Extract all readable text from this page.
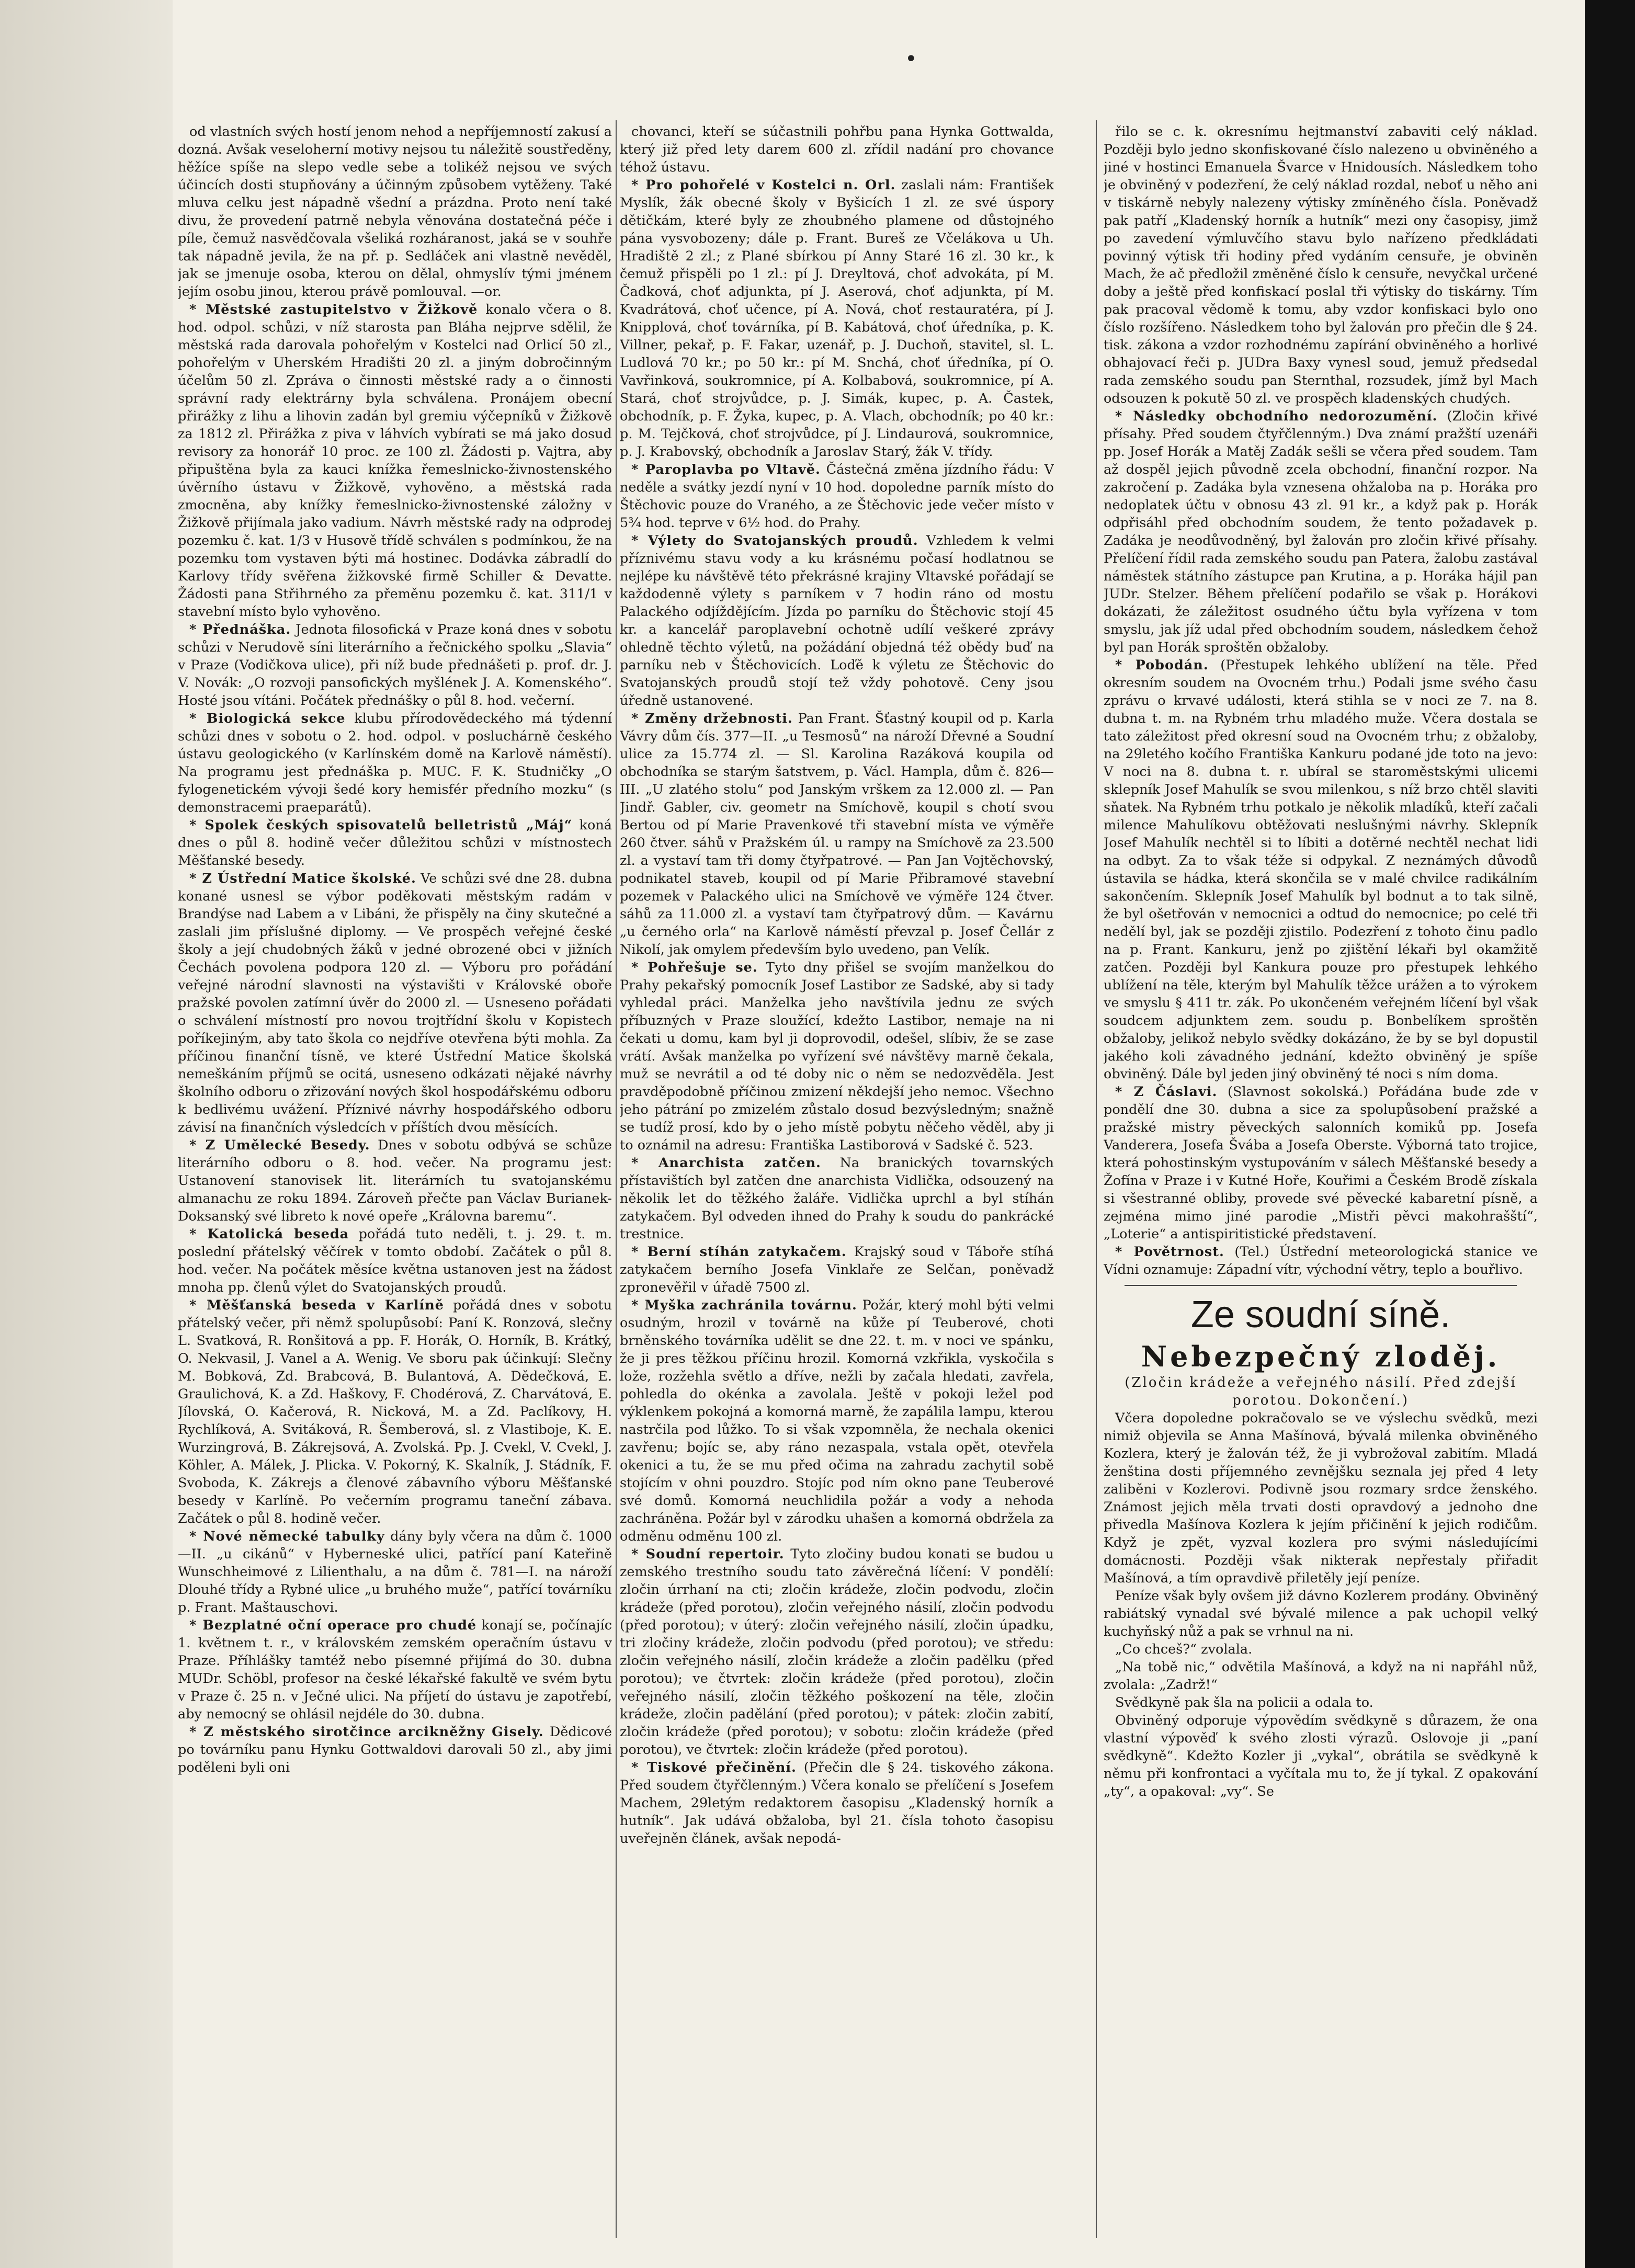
•

od vlastních svých hostí jenom nehod a nepříjemností zakusí a dozná. Avšak veseloherní motivy nejsou tu náležitě soustředěny, hěžíce spíše na slepo vedle sebe a tolikéž nejsou ve svých účincích dosti stupňovány a účinným způsobem vytěženy. Také mluva celku jest nápadně všední a prázdna. Proto není také divu, že provedení patrně nebyla věnována dostatečná péče i píle, čemuž nasvědčovala všeliká rozháranost, jaká se v souhře tak nápadně jevila, že na př. p. Sedláček ani vlastně nevěděl, jak se jmenuje osoba, kterou on dělal, ohmyslív tými jménem jejím osobu jinou, kterou právě pomlouval. —or.

* Městské zastupitelstvo v Žižkově konalo včera o 8. hod. odpol. schůzi, v níž starosta pan Bláha nejprve sdělil, že městská rada darovala pohořelým v Kostelci nad Orlicí 50 zl., pohořelým v Uherském Hradišti 20 zl. a jiným dobročinným účelům 50 zl. Zpráva o činnosti městské rady a o činnosti správní rady elektrárny byla schválena. Pronájem obecní přirážky z lihu a lihovin zadán byl gremiu výčepníků v Žižkově za 1812 zl. Přirážka z piva v láhvích vybírati se má jako dosud revisory za honorář 10 proc. ze 100 zl. Žádosti p. Vajtra, aby připuštěna byla za kauci knížka řemeslnicko-živnostenského úvěrního ústavu v Žižkově, vyhověno, a městská rada zmocněna, aby knížky řemeslnicko-živnostenské záložny v Žižkově přijímala jako vadium. Návrh městské rady na odprodej pozemku č. kat. 1/3 v Husově třídě schválen s podmínkou, že na pozemku tom vystaven býti má hostinec. Dodávka zábradlí do Karlovy třídy svěřena žižkovské firmě Schiller & Devatte. Žádosti pana Střihrného za přeměnu pozemku č. kat. 311/1 v stavební místo bylo vyhověno.

* Přednáška. Jednota filosofická v Praze koná dnes v sobotu schůzi v Nerudově síni literárního a řečnického spolku „Slavia“ v Praze (Vodičkova ulice), při níž bude přednášeti p. prof. dr. J. V. Novák: „O rozvoji pansofických myšlének J. A. Komenského“. Hosté jsou vítáni. Počátek přednášky o půl 8. hod. večerní.

* Biologická sekce klubu přírodovědeckého má týdenní schůzi dnes v sobotu o 2. hod. odpol. v posluchárně českého ústavu geologického (v Karlínském domě na Karlově náměstí). Na programu jest přednáška p. MUC. F. K. Studničky „O fylogenetickém vývoji šedé kory hemisfér předního mozku“ (s demonstracemi praeparátů).

* Spolek českých spisovatelů belletristů „Máj“ koná dnes o půl 8. hodině večer důležitou schůzi v místnostech Měšťanské besedy.

* Z Ústřední Matice školské. Ve schůzi své dne 28. dubna konané usnesl se výbor poděkovati městským radám v Brandýse nad Labem a v Libáni, že přispěly na činy skutečné a zaslali jim příslušné diplomy. — Ve prospěch veřejné české školy a její chudobných žáků v jedné obrozené obci v jižních Čechách povolena podpora 120 zl. — Výboru pro pořádání veřejné národní slavnosti na výstavišti v Královské oboře pražské povolen zatímní úvěr do 2000 zl. — Usneseno pořádati o schválení místností pro novou trojtřídní školu v Kopistech poříkejiným, aby tato škola co nejdříve otevřena býti mohla. Za příčinou finanční tísně, ve které Ústřední Matice školská nemeškáním příjmů se ocitá, usneseno odkázati nějaké návrhy školního odboru o zřizování nových škol hospodářskému odboru k bedlivému uvážení. Příznivé návrhy hospodářského odboru závisí na finančních výsledcích v příštích dvou měsících.

* Z Umělecké Besedy. Dnes v sobotu odbývá se schůze literárního odboru o 8. hod. večer. Na programu jest: Ustanovení stanovisek lit. literárních tu svatojanskému almanachu ze roku 1894. Zároveň přečte pan Václav Burianek-Doksanský své libreto k nové opeře „Královna baremu“.

* Katolická beseda pořádá tuto neděli, t. j. 29. t. m. poslední přátelský věčírek v tomto období. Začátek o půl 8. hod. večer. Na počátek měsíce května ustanoven jest na žádost mnoha pp. členů výlet do Svatojanských proudů.

* Měšťanská beseda v Karlíně pořádá dnes v sobotu přátelský večer, při němž spolupůsobí: Paní K. Ronzová, slečny L. Svatková, R. Ronšitová a pp. F. Horák, O. Horník, B. Krátký, O. Nekvasil, J. Vanel a A. Wenig. Ve sboru pak účinkují: Slečny M. Bobková, Zd. Brabcová, B. Bulantová, A. Dědečková, E. Graulichová, K. a Zd. Haškovy, F. Chodérová, Z. Charvátová, E. Jílovská, O. Kačerová, R. Nicková, M. a Zd. Paclíkovy, H. Rychlíková, A. Svitáková, R. Šemberová, sl. z Vlastiboje, K. E. Wurzingrová, B. Zákrejsová, A. Zvolská. Pp. J. Cvekl, V. Cvekl, J. Köhler, A. Málek, J. Plicka. V. Pokorný, K. Skalník, J. Stádník, F. Svoboda, K. Zákrejs a členové zábavního výboru Měšťanské besedy v Karlíně. Po večerním programu taneční zábava. Začátek o půl 8. hodině večer.

* Nové německé tabulky dány byly včera na dům č. 1000—II. „u cikánů“ v Hyberneské ulici, patřící paní Kateřině Wunschheimové z Lilienthalu, a na dům č. 781—I. na nároží Dlouhé třídy a Rybné ulice „u bruhého muže“, patřící továrníku p. Frant. Maštauschovi.

* Bezplatné oční operace pro chudé konají se, počínajíc 1. květnem t. r., v královském zemském operačním ústavu v Praze. Příhlášky tamtéž nebo písemné přijímá do 30. dubna MUDr. Schöbl, profesor na české lékařské fakultě ve svém bytu v Praze č. 25 n. v Ječné ulici. Na příjetí do ústavu je zapotřebí, aby nemocný se ohlásil nejdéle do 30. dubna.

* Z městského sirotčince arcikněžny Gisely. Dědicové po továrníku panu Hynku Gottwaldovi darovali 50 zl., aby jimi poděleni byli oni

chovanci, kteří se súčastnili pohřbu pana Hynka Gottwalda, který již před lety darem 600 zl. zřídil nadání pro chovance téhož ústavu.

* Pro pohořelé v Kostelci n. Orl. zaslali nám: František Myslík, žák obecné školy v Byšicích 1 zl. ze své úspory dětičkám, které byly ze zhoubného plamene od důstojného pána vysvobozeny; dále p. Frant. Bureš ze Včelákova u Uh. Hradiště 2 zl.; z Plané sbírkou pí Anny Staré 16 zl. 30 kr., k čemuž přispěli po 1 zl.: pí J. Dreyltová, choť advokáta, pí M. Čadková, choť adjunkta, pí J. Aserová, choť adjunkta, pí M. Kvadrátová, choť učence, pí A. Nová, choť restauratéra, pí J. Knipplová, choť továrníka, pí B. Kabátová, choť úředníka, p. K. Villner, pekař, p. F. Fakar, uzenář, p. J. Duchoň, stavitel, sl. L. Ludlová 70 kr.; po 50 kr.: pí M. Snchá, choť úředníka, pí O. Vavřinková, soukromnice, pí A. Kolbabová, soukromnice, pí A. Stará, choť strojvůdce, p. J. Simák, kupec, p. A. Častek, obchodník, p. F. Žyka, kupec, p. A. Vlach, obchodník; po 40 kr.: p. M. Tejčková, choť strojvůdce, pí J. Lindaurová, soukromnice, p. J. Krabovský, obchodník a Jaroslav Starý, žák V. třídy.

* Paroplavba po Vltavě. Částečná změna jízdního řádu: V neděle a svátky jezdí nyní v 10 hod. dopoledne parník místo do Štěchovic pouze do Vraného, a ze Štěchovic jede večer místo v 5¾ hod. teprve v 6½ hod. do Prahy.

* Výlety do Svatojanských proudů. Vzhledem k velmi příznivému stavu vody a ku krásnému počasí hodlatnou se nejlépe ku návštěvě této překrásné krajiny Vltavské pořádají se každodenně výlety s parníkem v 7 hodin ráno od mostu Palackého odjíždějícím. Jízda po parníku do Štěchovic stojí 45 kr. a kancelář paroplavební ochotně udílí veškeré zprávy ohledně těchto výletů, na požádání objedná též obědy buď na parníku neb v Štěchovicích. Loďě k výletu ze Štěchovic do Svatojanských proudů stojí tež vždy pohotově. Ceny jsou úředně ustanovené.

* Změny držebnosti. Pan Frant. Šťastný koupil od p. Karla Vávry dům čís. 377—II. „u Tesmosů“ na nároží Dřevné a Soudní ulice za 15.774 zl. — Sl. Karolina Razáková koupila od obchodníka se starým šatstvem, p. Václ. Hampla, dům č. 826—III. „U zlatého stolu“ pod Janským vrškem za 12.000 zl. — Pan Jindř. Gabler, civ. geometr na Smíchově, koupil s chotí svou Bertou od pí Marie Pravenkové tři stavební místa ve výměře 260 čtver. sáhů v Pražském úl. u rampy na Smíchově za 23.500 zl. a vystaví tam tři domy čtyřpatrové. — Pan Jan Vojtěchovský, podnikatel staveb, koupil od pí Marie Přibramové stavební pozemek v Palackého ulici na Smíchově ve výměře 124 čtver. sáhů za 11.000 zl. a vystaví tam čtyřpatrový dům. — Kavárnu „u černého orla“ na Karlově náměstí převzal p. Josef Čellár z Nikolí, jak omylem především bylo uvedeno, pan Velík.

* Pohřešuje se. Tyto dny přišel se svojím manželkou do Prahy pekařský pomocník Josef Lastibor ze Sadské, aby si tady vyhledal práci. Manželka jeho navštívila jednu ze svých příbuzných v Praze sloužící, kdežto Lastibor, nemaje na ni čekati u domu, kam byl ji doprovodil, odešel, slíbiv, že se zase vrátí. Avšak manželka po vyřízení své návštěvy marně čekala, muž se nevrátil a od té doby nic o něm se nedozvěděla. Jest pravděpodobně příčinou zmizení někdejší jeho nemoc. Všechno jeho pátrání po zmizelém zůstalo dosud bezvýsledným; snažně se tudíž prosí, kdo by o jeho místě pobytu něčeho věděl, aby ji to oznámil na adresu: Františka Lastiborová v Sadské č. 523.

* Anarchista zatčen. Na branických tovarnských přístavištích byl zatčen dne anarchista Vidlička, odsouzený na několik let do těžkého žaláře. Vidlička uprchl a byl stíhán zatykačem. Byl odveden ihned do Prahy k soudu do pankrácké trestnice.

* Berní stíhán zatykačem. Krajský soud v Táboře stíhá zatykačem berního Josefa Vinklaře ze Selčan, poněvadž zpronevěřil v úřadě 7500 zl.

* Myška zachránila továrnu. Požár, který mohl býti velmi osudným, hrozil v továrně na kůže pí Teuberové, choti brněnského továrníka udělit se dne 22. t. m. v noci ve spánku, že ji pres těžkou příčinu hrozil. Komorná vzkřikla, vyskočila s lože, rozžehla světlo a dříve, nežli by začala hledati, zavřela, pohledla do okénka a zavolala. Ještě v pokoji ležel pod výklenkem pokojná a komorná marně, že zapálila lampu, kterou nastrčila pod lůžko. To si však vzpomněla, že nechala okenici zavřenu; bojíc se, aby ráno nezaspala, vstala opět, otevřela okenici a tu, že se mu před očima na zahradu zachytil sobě stojícím v ohni pouzdro. Stojíc pod ním okno pane Teuberové své domů. Komorná neuchlidila požár a vody a nehoda zachráněna. Požár byl v zárodku uhašen a komorná obdržela za odměnu odměnu 100 zl.

* Soudní repertoir. Tyto zločiny budou konati se budou u zemského trestního soudu tato závěrečná líčení: V pondělí: zločin úrrhaní na cti; zločin krádeže, zločin podvodu, zločin krádeže (před porotou), zločin veřejného násilí, zločin podvodu (před porotou); v úterý: zločin veřejného násilí, zločin úpadku, tri zločiny krádeže, zločin podvodu (před porotou); ve středu: zločin veřejného násilí, zločin krádeže a zločin padělku (před porotou); ve čtvrtek: zločin krádeže (před porotou), zločin veřejného násilí, zločin těžkého poškození na těle, zločin krádeže, zločin padělání (před porotou); v pátek: zločin zabití, zločin krádeže (před porotou); v sobotu: zločin krádeže (před porotou), ve čtvrtek: zločin krádeže (před porotou).

* Tiskové přečinění. (Přečin dle § 24. tiskového zákona. Před soudem čtyřčlenným.) Včera konalo se přelíčení s Josefem Machem, 29letým redaktorem časopisu „Kladenský horník a hutník“. Jak udává obžaloba, byl 21. čísla tohoto časopisu uveřejněn článek, avšak nepodá-

řilo se c. k. okresnímu hejtmanství zabaviti celý náklad. Později bylo jedno skonfiskované číslo nalezeno u obviněného a jiné v hostinci Emanuela Švarce v Hnidousích. Následkem toho je obviněný v podezření, že celý náklad rozdal, neboť u něho ani v tiskárně nebyly nalezeny výtisky zmíněného čísla. Poněvadž pak patří „Kladenský horník a hutník“ mezi ony časopisy, jimž po zavedení výmluvčího stavu bylo nařízeno předkládati povinný výtisk tři hodiny před vydáním censuře, je obviněn Mach, že ač předložil změněné číslo k censuře, nevyčkal určené doby a ještě před konfiskací poslal tři výtisky do tiskárny. Tím pak pracoval vědomě k tomu, aby vzdor konfiskaci bylo ono číslo rozšířeno. Následkem toho byl žalován pro přečin dle § 24. tisk. zákona a vzdor rozhodnému zapírání obviněného a horlivé obhajovací řeči p. JUDra Baxy vynesl soud, jemuž předsedal rada zemského soudu pan Sternthal, rozsudek, jímž byl Mach odsouzen k pokutě 50 zl. ve prospěch kladenských chudých.

* Následky obchodního nedorozumění. (Zločin křivé přísahy. Před soudem čtyřčlenným.) Dva známí pražští uzenáři pp. Josef Horák a Matěj Zadák sešli se včera před soudem. Tam až dospěl jejich původně zcela obchodní, finanční rozpor. Na zakročení p. Zadáka byla vznesena ohžaloba na p. Horáka pro nedoplatek účtu v obnosu 43 zl. 91 kr., a když pak p. Horák odpřisáhl před obchodním soudem, že tento požadavek p. Zadáka je neodůvodněný, byl žalován pro zločin křivé přísahy. Přelíčení řídil rada zemského soudu pan Patera, žalobu zastával náměstek státního zástupce pan Krutina, a p. Horáka hájil pan JUDr. Stelzer. Během přelíčení podařilo se však p. Horákovi dokázati, že záležitost osudného účtu byla vyřízena v tom smyslu, jak jíž udal před obchodním soudem, následkem čehož byl pan Horák sproštěn obžaloby.

* Pobodán. (Přestupek lehkého ublížení na těle. Před okresním soudem na Ovocném trhu.) Podali jsme svého času zprávu o krvavé události, která stihla se v noci ze 7. na 8. dubna t. m. na Rybném trhu mladého muže. Včera dostala se tato záležitost před okresní soud na Ovocném trhu; z obžaloby, na 29letého kočího Františka Kankuru podané jde toto na jevo: V noci na 8. dubna t. r. ubíral se staroměstskými ulicemi sklepník Josef Mahulík se svou milenkou, s níž brzo chtěl slaviti sňatek. Na Rybném trhu potkalo je několik mladíků, kteří začali milence Mahulíkovu obtěžovati neslušnými návrhy. Sklepník Josef Mahulík nechtěl si to líbiti a dotěrné nechtěl nechat lidi na odbyt. Za to však téže si odpykal. Z neznámých důvodů ústavila se hádka, která skončila se v malé chvilce radikálním sakončením. Sklepník Josef Mahulík byl bodnut a to tak silně, že byl ošetřován v nemocnici a odtud do nemocnice; po celé tři nedělí byl, jak se později zjistilo. Podezření z tohoto činu padlo na p. Frant. Kankuru, jenž po zjištění lékaři byl okamžitě zatčen. Později byl Kankura pouze pro přestupek lehkého ublížení na těle, kterým byl Mahulík těžce urážen a to výrokem ve smyslu § 411 tr. zák. Po ukončeném veřejném líčení byl však soudcem adjunktem zem. soudu p. Bonbelíkem sproštěn obžaloby, jelikož nebylo svědky dokázáno, že by se byl dopustil jakého koli závadného jednání, kdežto obviněný je spíše obviněný. Dále byl jeden jiný obviněný té noci s ním doma.

* Z Čáslavi. (Slavnost sokolská.) Pořádána bude zde v pondělí dne 30. dubna a sice za spolupůsobení pražské a pražské mistry pěveckých salonních komiků pp. Josefa Vanderera, Josefa Švába a Josefa Oberste. Výborná tato trojice, která pohostinským vystupováním v sálech Měšťanské besedy a Žofína v Praze i v Kutné Hoře, Kouřimi a Českém Brodě získala si všestranné obliby, provede své pěvecké kabaretní písně, a zejména mimo jiné parodie „Mistři pěvci makohrašští“, „Loterie“ a antispiritistické představení.

* Povětrnost. (Tel.) Ústřední meteorologická stanice ve Vídni oznamuje: Západní vítr, východní větry, teplo a bouřlivo.

Ze soudní síně.
Nebezpečný zloděj.
(Zločin krádeže a veřejného násilí. Před zdejší porotou. Dokončení.)

Včera dopoledne pokračovalo se ve výslechu svědků, mezi nimiž objevila se Anna Mašínová, bývalá milenka obviněného Kozlera, který je žalován též, že ji vybrožoval zabitím. Mladá ženština dosti příjemného zevnějšku seznala jej před 4 lety zaliběni v Kozlerovi. Podivně jsou rozmary srdce ženského. Známost jejich měla trvati dosti opravdový a jednoho dne přivedla Mašínova Kozlera k jejím přičinění k jejich rodičům. Když je zpět, vyzval kozlera pro svými následujícími domácnosti. Později však nikterak nepřestaly přiřadit Mašínová, a tím opravdivě přiletěly její peníze.

Peníze však byly ovšem již dávno Kozlerem prodány. Obviněný rabiátský vynadal své bývalé milence a pak uchopil velký kuchyňský nůž a pak se vrhnul na ni.

„Co chceš?“ zvolala.

„Na tobě nic,“ odvětila Mašínová, a když na ni napřáhl nůž, zvolala: „Zadrž!“

Svědkyně pak šla na policii a odala to.

Obviněný odporuje výpovědím svědkyně s důrazem, že ona vlastní výpověď k svého zlosti výrazů. Oslovoje ji „paní svědkyně“. Kdežto Kozler ji „vykal“, obrátila se svědkyně k němu při konfrontaci a vyčítala mu to, že jí tykal. Z opakování „ty“, a opakoval: „vy“. Se
